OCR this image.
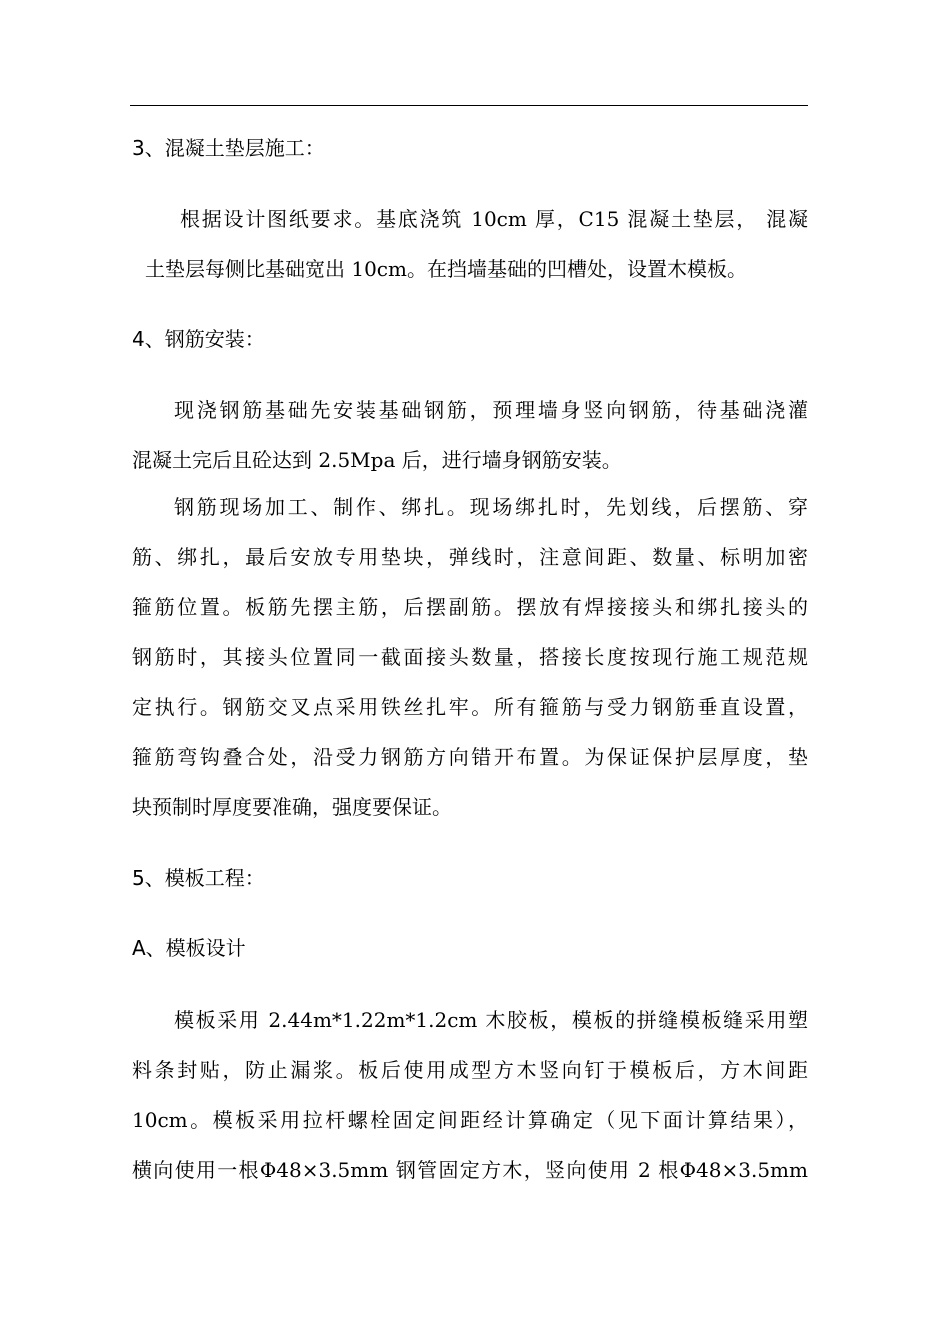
3、混凝土垫层施工：
根据设计图纸要求。基底浇筑 10cm 厚，C15 混凝土垫层， 混凝
土垫层每侧比基础宽出 10cm。在挡墙基础的凹槽处，设置木模板。
4、钢筋安装：
现浇钢筋基础先安装基础钢筋，预理墙身竖向钢筋，待基础浇灌
混凝土完后且砼达到 2.5Mpa 后，进行墙身钢筋安装。
钢筋现场加工、制作、绑扎。现场绑扎时，先划线，后摆筋、穿
筋、绑扎，最后安放专用垫块，弹线时，注意间距、数量、标明加密
箍筋位置。板筋先摆主筋，后摆副筋。摆放有焊接接头和绑扎接头的
钢筋时，其接头位置同一截面接头数量，搭接长度按现行施工规范规
定执行。钢筋交叉点采用铁丝扎牢。所有箍筋与受力钢筋垂直设置，
箍筋弯钩叠合处，沿受力钢筋方向错开布置。为保证保护层厚度，垫
块预制时厚度要准确，强度要保证。
5、模板工程：
A、模板设计
模板采用 2.44m*1.22m*1.2cm 木胶板，模板的拼缝模板缝采用塑
料条封贴，防止漏浆。板后使用成型方木竖向钉于模板后，方木间距
10cm。模板采用拉杆螺栓固定间距经计算确定（见下面计算结果），
横向使用一根Φ48×3.5mm 钢管固定方木，竖向使用 2 根Φ48×3.5mm
